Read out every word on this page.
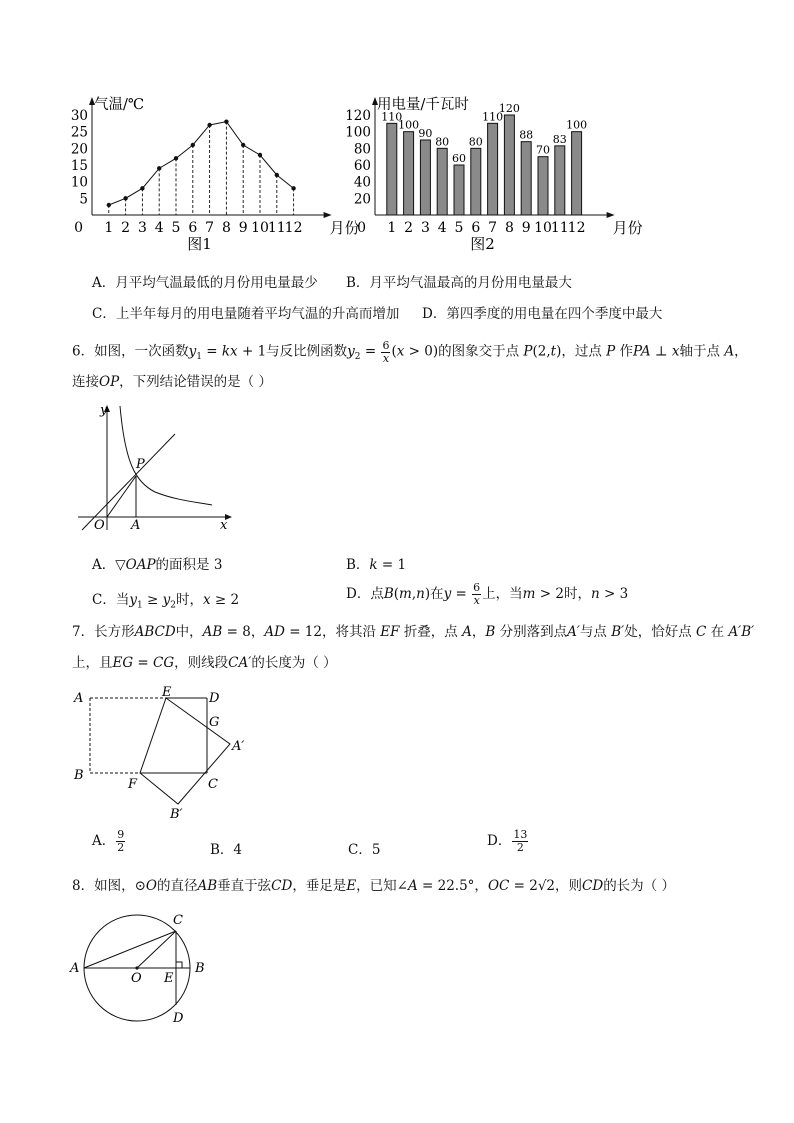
气温/℃
月份
0
图1
5
10
15
20
25
30
1 2 3 4 5 6 7 8 9 10
11
12
用电量/千瓦时
月份
0
图2
20
40
60
80
100
120
1 2 3 4 5 6 7 8 9 10
11
12
110
100
90
80
60
80
110
120
88
70
83
100
A．月平均气温最低的月份用电量最少 B．月平均气温最高的月份用电量最大
C．上半年每月的用电量随着平均气温的升高而增加 D．第四季度的用电量在四个季度中最大
6．如图，一次函数$y_1$ = kx + 1与反比例函数$y_2 = \frac{6}{x} (x > 0)$的图象交于点 P(2,t)，过点 P 作PA ⊥ x轴于点 A，
连接OP，下列结论错误的是（ ）
y
x
O A
P
A．▽OAP的面积是 3	B．k = 1
C．当$y_1 \ge y_2$时，x ≥ 2	D．点B(m,n)在$y = \frac{6}{x}$ 上，当m > 2时，n > 3
7．长方形ABCD中，AB = 8，AD = 12，将其沿 EF 折叠，点 A，B 分别落到点A′与点 B′处，恰好点 C 在 A′B′
上，且EG = CG，则线段CA′的长度为（ ）
A
B
C
D
E
F
G
A′
B′
A． $\frac{9}{2}$	B．4	C．5
D． $\frac{13}{2}$
8．如图，⊙O的直径AB垂直于弦CD，垂足是E，已知∠A = 22.5°，OC = 2√2，则CD的长为（ ）
A	B
C
D
E
O
